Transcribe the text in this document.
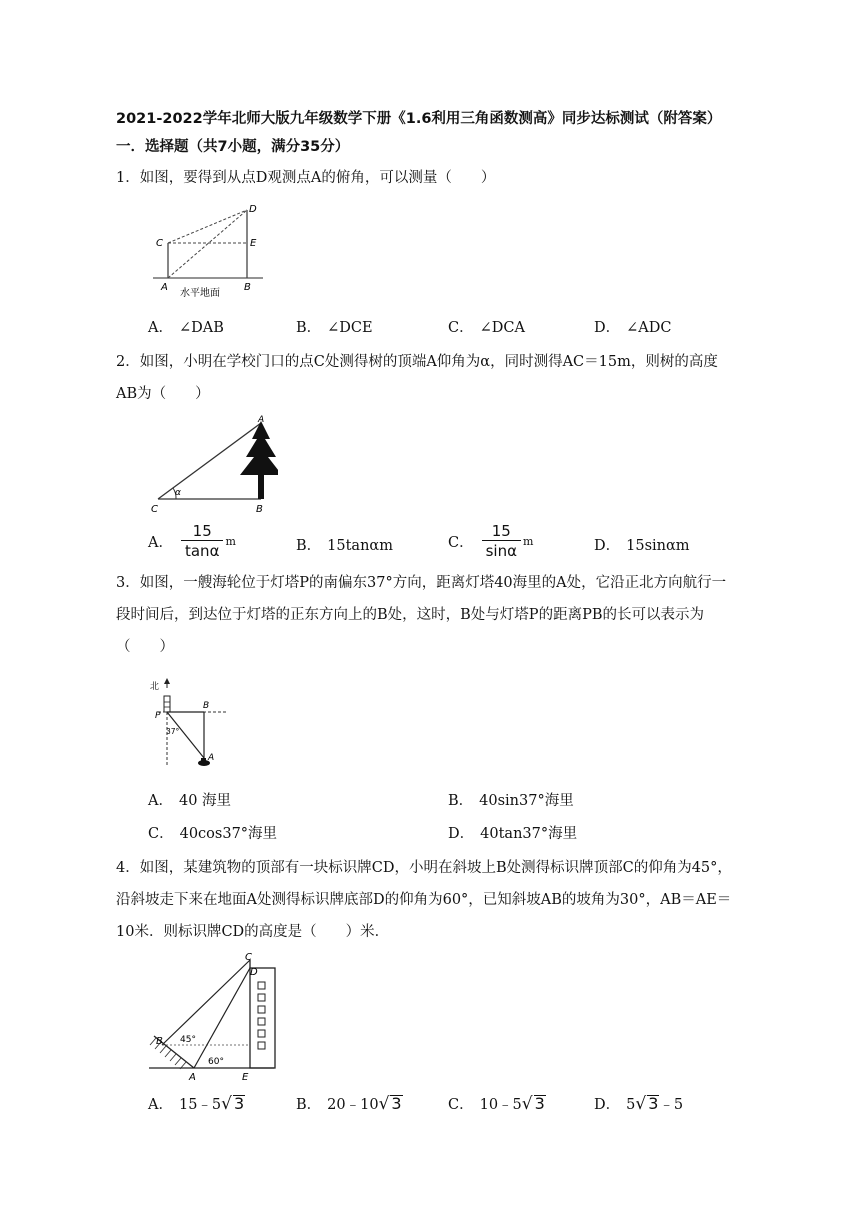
2021-2022学年北师大版九年级数学下册《1.6利用三角函数测高》同步达标测试（附答案）
一．选择题（共7小题，满分35分）
1．如图，要得到从点D观测点A的俯角，可以测量（　　）
D
C	E
A	B
水平地面
A． ∠DAB	B． ∠DCE	C． ∠DCA	D． ∠ADC
2．如图，小明在学校门口的点C处测得树的顶端A仰角为α，同时测得AC＝15m，则树的高度AB为（　　）
A
B
C
α
A． $\frac{15}{\tan\alpha}$ m	B． 15tanαm	C． $\frac{15}{\sin\alpha}$ m	D． 15sinαm
3．如图，一艘海轮位于灯塔P的南偏东37°方向，距离灯塔40海里的A处，它沿正北方向航行一段时间后，到达位于灯塔的正东方向上的B处，这时，B处与灯塔P的距离PB的长可以表示为（　　）
北
P
B
A
37°
A． 40 海里	B． 40sin37°海里
C． 40cos37°海里	D． 40tan37°海里
4．如图，某建筑物的顶部有一块标识牌CD，小明在斜坡上B处测得标识牌顶部C的仰角为45°，沿斜坡走下来在地面A处测得标识牌底部D的仰角为60°，已知斜坡AB的坡角为30°，AB＝AE＝10米．则标识牌CD的高度是（　　）米．
C
D
B
A	E
45°
60°
A． 15﹣5√ 3	B． 20﹣10√ 3	C． 10﹣5√ 3	D． 5√ 3﹣5
